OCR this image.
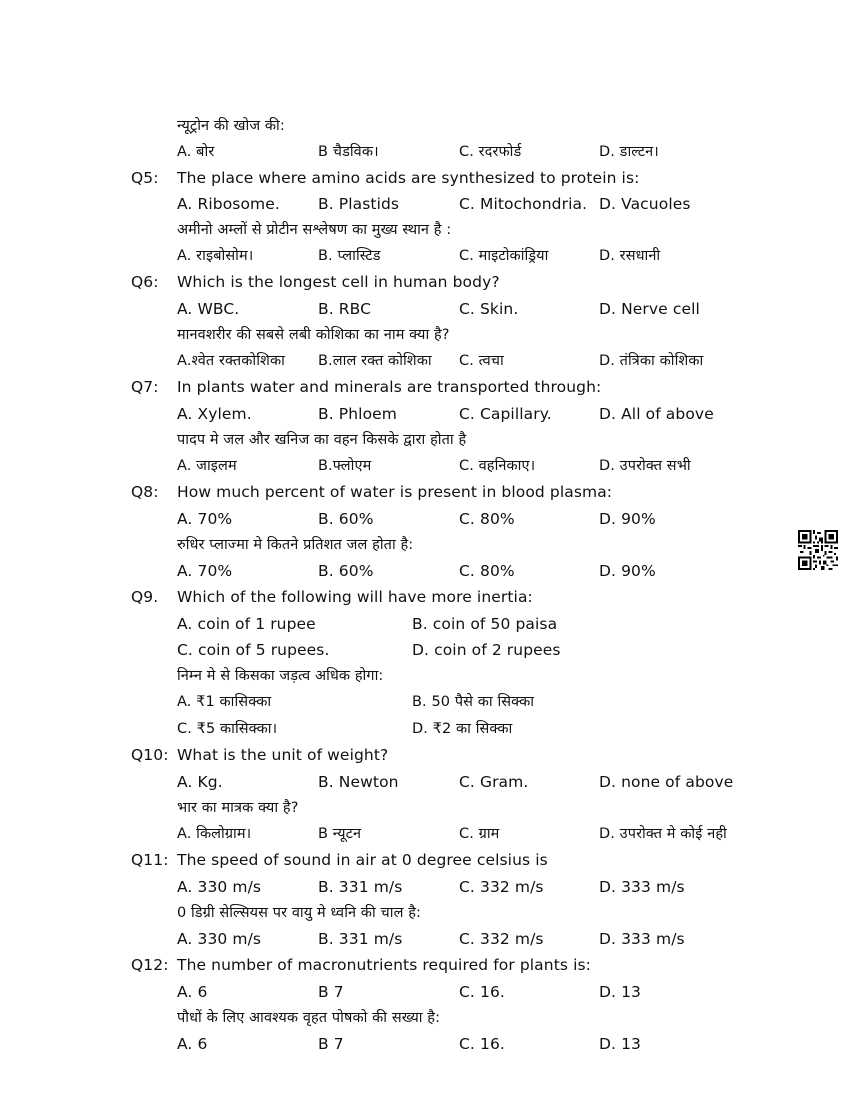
न्यूट्रोन की खोज की:
A. बोर	B चैडविक।	C. रदरफोर्ड	D. डाल्टन।
Q5: The place where amino acids are synthesized to protein is:
A. Ribosome. B. Plastids	C. Mitochondria. D. Vacuoles
अमीनो अम्लों से प्रोटीन सश्लेषण का मुख्य स्थान है :
A. राइबोसोम।	B. प्लास्टिड	C. माइटोकांड्रिया	D. रसधानी
Q6: Which is the longest cell in human body?
A. WBC.	B. RBC	C. Skin.	D. Nerve cell
मानवशरीर की सबसे लबी कोशिका का नाम क्या है?
A.श्वेत रक्तकोशिका B.लाल रक्त कोशिका C. त्वचा	D. तंत्रिका कोशिका
Q7: In plants water and minerals are transported through:
A. Xylem.	B. Phloem	C. Capillary.	D. All of above
पादप मे जल और खनिज का वहन किसके द्वारा होता है
A. जाइलम	B.फ्लोएम	C. वहनिकाए।	D. उपरोक्त सभी
Q8: How much percent of water is present in blood plasma:
A. 70%	B. 60%	C. 80%	D. 90%
रुधिर प्लाज्मा मे कितने प्रतिशत जल होता है:
A. 70%	B. 60%	C. 80%	D. 90%
Q9. Which of the following will have more inertia:
A. coin of 1 rupee	B. coin of 50 paisa
C. coin of 5 rupees.	D. coin of 2 rupees
निम्न मे से किसका जड़त्व अधिक होगा:
A. ₹1 कासिक्का	B. 50 पैसे का सिक्का
C. ₹5 कासिक्का।	D. ₹2 का सिक्का
Q10: What is the unit of weight?
A. Kg.	B. Newton	C. Gram.	D. none of above
भार का मात्रक क्या है?
A. किलोग्राम।	B न्यूटन	C. ग्राम	D. उपरोक्त मे कोई नही
Q11: The speed of sound in air at 0 degree celsius is
A. 330 m/s	B. 331 m/s	C. 332 m/s	D. 333 m/s
0 डिग्री सेल्सियस पर वायु मे ध्वनि की चाल है:
A. 330 m/s	B. 331 m/s	C. 332 m/s	D. 333 m/s
Q12: The number of macronutrients required for plants is:
A. 6	B 7	C. 16.	D. 13
पौधों के लिए आवश्यक वृहत पोषको की सख्या है:
A. 6	B 7	C. 16.	D. 13
